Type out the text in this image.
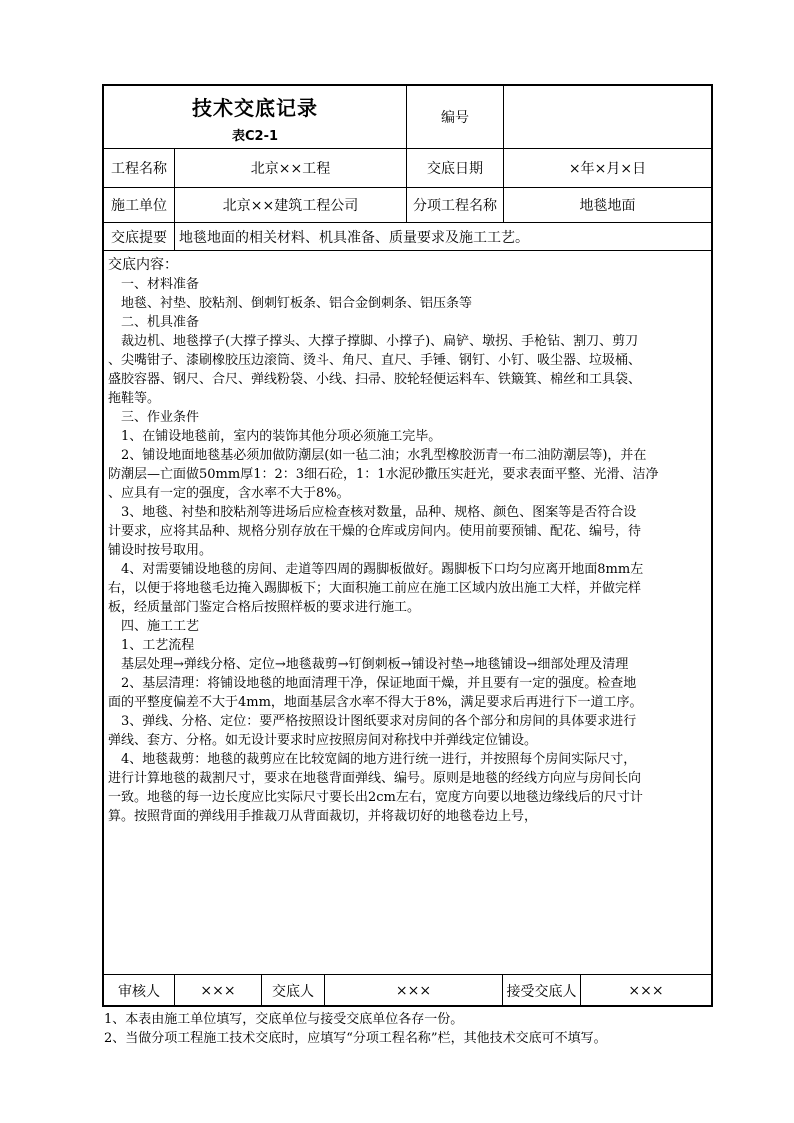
技术交底记录
表C2-1
编号
工程名称	北京××工程	交底日期	×年×月×日
施工单位	北京××建筑工程公司	分项工程名称	地毯地面
交底提要 地毯地面的相关材料、机具准备、质量要求及施工工艺。

交底内容：

一、材料准备

地毯、衬垫、胶粘剂、倒刺钉板条、铝合金倒刺条、铝压条等

二、机具准备

裁边机、地毯撑子(大撑子撑头、大撑子撑脚、小撑子)、扁铲、墩拐、手枪钻、割刀、剪刀

、尖嘴钳子、漆刷橡胶压边滚筒、烫斗、角尺、直尺、手锤、钢钉、小钉、吸尘器、垃圾桶、

盛胶容器、钢尺、合尺、弹线粉袋、小线、扫帚、胶轮轻便运料车、铁簸箕、棉丝和工具袋、

拖鞋等。

三、作业条件

1、在铺设地毯前，室内的装饰其他分项必须施工完毕。

2、铺设地面地毯基必须加做防潮层(如一毡二油；水乳型橡胶沥青一布二油防潮层等)，并在

防潮层—亡面做50mm厚1：2：3细石砼，1：1水泥砂撒压实赶光，要求表面平整、光滑、洁净

、应具有一定的强度，含水率不大于8%。

3、地毯、衬垫和胶粘剂等进场后应检查核对数量，品种、规格、颜色、图案等是否符合设

计要求，应将其品种、规格分别存放在干燥的仓库或房间内。使用前要预铺、配花、编号，待

铺设时按号取用。

4、对需要铺设地毯的房间、走道等四周的踢脚板做好。踢脚板下口均匀应离开地面8mm左

右，以便于将地毯毛边掩入踢脚板下；大面积施工前应在施工区域内放出施工大样，并做完样

板，经质量部门鉴定合格后按照样板的要求进行施工。

四、施工工艺

1、工艺流程

基层处理→弹线分格、定位→地毯裁剪→钉倒刺板→铺设衬垫→地毯铺设→细部处理及清理

2、基层清理：将铺设地毯的地面清理干净，保证地面干燥，并且要有一定的强度。检查地

面的平整度偏差不大于4mm，地面基层含水率不得大于8%，满足要求后再进行下一道工序。

3、弹线、分格、定位：要严格按照设计图纸要求对房间的各个部分和房间的具体要求进行

弹线、套方、分格。如无设计要求时应按照房间对称找中并弹线定位铺设。

4、地毯裁剪：地毯的裁剪应在比较宽阔的地方进行统一进行，并按照每个房间实际尺寸，

进行计算地毯的裁割尺寸，要求在地毯背面弹线、编号。原则是地毯的经线方向应与房间长向

一致。地毯的每一边长度应比实际尺寸要长出2cm左右，宽度方向要以地毯边缘线后的尺寸计

算。按照背面的弹线用手推裁刀从背面裁切，并将裁切好的地毯卷边上号，

审核人	×××	交底人	×××	接受交底人	×××

1、本表由施工单位填写，交底单位与接受交底单位各存一份。

2、当做分项工程施工技术交底时，应填写“分项工程名称”栏，其他技术交底可不填写。
